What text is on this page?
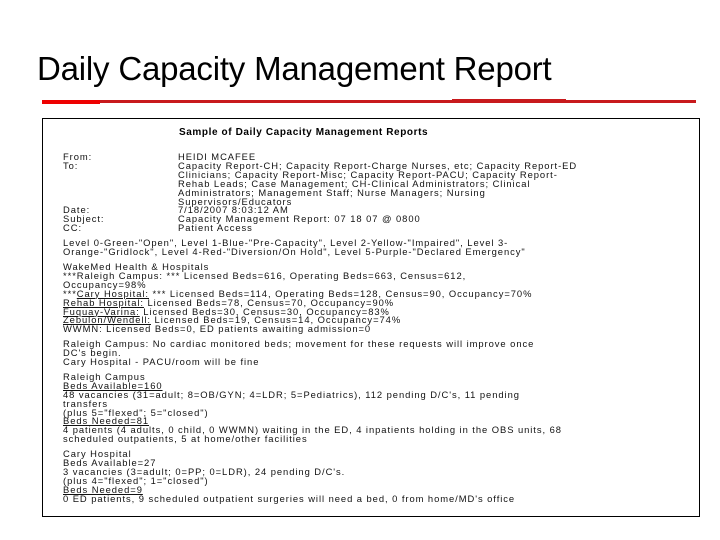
Daily Capacity Management Report
Sample of Daily Capacity Management Reports
From:	HEIDI MCAFEE
To:	Capacity Report-CH; Capacity Report-Charge Nurses, etc; Capacity Report-ED
Clinicians; Capacity Report-Misc; Capacity Report-PACU; Capacity Report-
Rehab Leads; Case Management; CH-Clinical Administrators; Clinical
Administrators; Management Staff; Nurse Managers; Nursing
Supervisors/Educators
Date:	7/18/2007 8:03:12 AM
Subject:	Capacity Management Report: 07 18 07 @ 0800
CC:	Patient Access
Level 0-Green-"Open", Level 1-Blue-"Pre-Capacity", Level 2-Yellow-"Impaired", Level 3-
Orange-"Gridlock", Level 4-Red-"Diversion/On Hold", Level 5-Purple-"Declared Emergency"
WakeMed Health & Hospitals
***Raleigh Campus: *** Licensed Beds=616, Operating Beds=663, Census=612,
Occupancy=98%
***Cary Hospital: *** Licensed Beds=114, Operating Beds=128, Census=90, Occupancy=70%
Rehab Hospital: Licensed Beds=78, Census=70, Occupancy=90%
Fuquay-Varina: Licensed Beds=30, Census=30, Occupancy=83%
Zebulon/Wendell: Licensed Beds=19, Census=14, Occupancy=74%
WWMN: Licensed Beds=0, ED patients awaiting admission=0
Raleigh Campus: No cardiac monitored beds; movement for these requests will improve once
DC's begin.
Cary Hospital - PACU/room will be fine
Raleigh Campus
Beds Available=160
48 vacancies (31=adult; 8=OB/GYN; 4=LDR; 5=Pediatrics), 112 pending D/C's, 11 pending
transfers
(plus 5="flexed"; 5="closed")
Beds Needed=81
4 patients (4 adults, 0 child, 0 WWMN) waiting in the ED, 4 inpatients holding in the OBS units, 68
scheduled outpatients, 5 at home/other facilities
Cary Hospital
Beds Available=27
3 vacancies (3=adult; 0=PP; 0=LDR), 24 pending D/C's.
(plus 4="flexed"; 1="closed")
Beds Needed=9
0 ED patients, 9 scheduled outpatient surgeries will need a bed, 0 from home/MD's office
